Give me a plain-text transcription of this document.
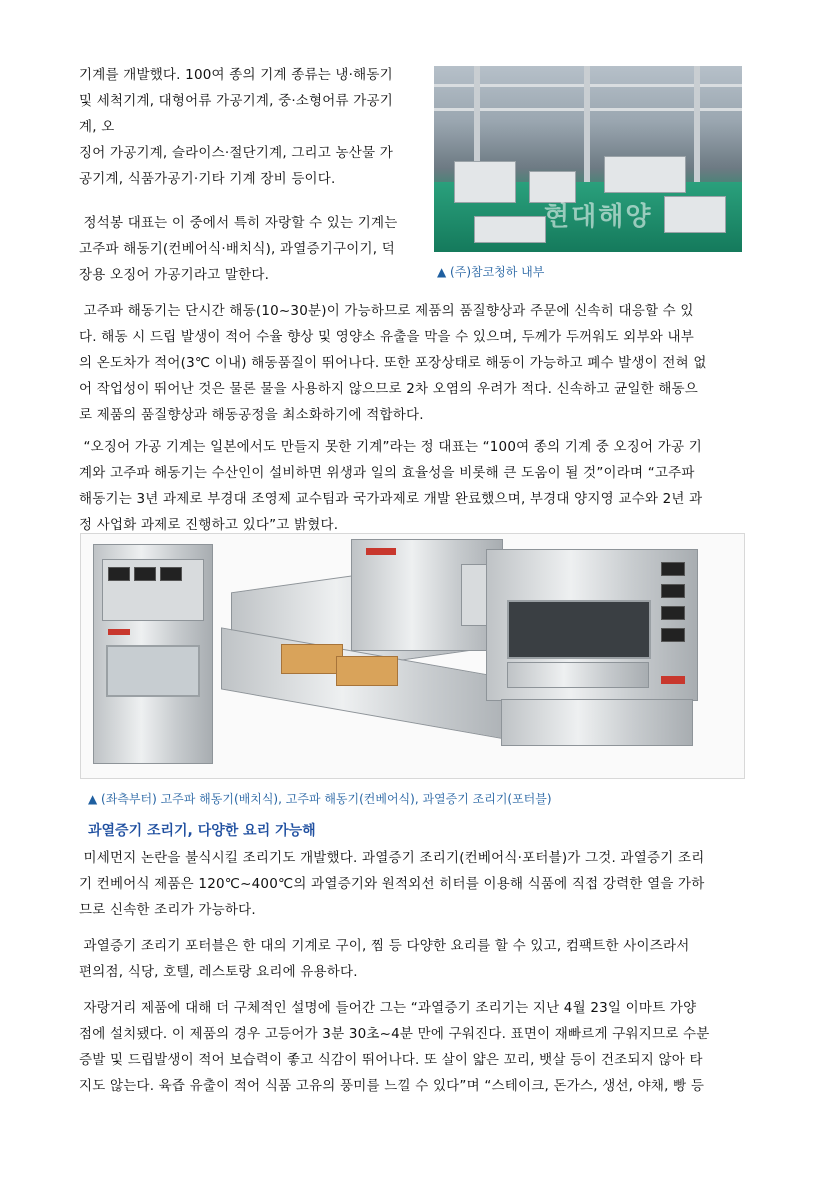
기계를 개발했다. 100여 종의 기계 종류는 냉·해동기

및 세척기계, 대형어류 가공기계, 중·소형어류 가공기

계, 오

징어 가공기계, 슬라이스·절단기계, 그리고 농산물 가

공기계, 식품가공기·기타 기계 장비 등이다.

정석봉 대표는 이 중에서 특히 자랑할 수 있는 기계는

고주파 해동기(컨베어식·배치식), 과열증기구이기, 덕

장용 오징어 가공기라고 말한다.

현대해양
▲ (주)참코청하 내부

고주파 해동기는 단시간 해동(10~30분)이 가능하므로 제품의 품질향상과 주문에 신속히 대응할 수 있

다. 해동 시 드립 발생이 적어 수율 향상 및 영양소 유출을 막을 수 있으며, 두께가 두꺼워도 외부와 내부

의 온도차가 적어(3℃ 이내) 해동품질이 뛰어나다. 또한 포장상태로 해동이 가능하고 폐수 발생이 전혀 없

어 작업성이 뛰어난 것은 물론 물을 사용하지 않으므로 2차 오염의 우려가 적다. 신속하고 균일한 해동으

로 제품의 품질향상과 해동공정을 최소화하기에 적합하다.

“오징어 가공 기계는 일본에서도 만들지 못한 기계”라는 정 대표는 “100여 종의 기계 중 오징어 가공 기

계와 고주파 해동기는 수산인이 설비하면 위생과 일의 효율성을 비롯해 큰 도움이 될 것”이라며 “고주파

해동기는 3년 과제로 부경대 조영제 교수팀과 국가과제로 개발 완료했으며, 부경대 양지영 교수와 2년 과

정 사업화 과제로 진행하고 있다”고 밝혔다.

▲ (좌측부터) 고주파 해동기(배치식), 고주파 해동기(컨베어식), 과열증기 조리기(포터블)
과열증기 조리기, 다양한 요리 가능해

미세먼지 논란을 불식시킬 조리기도 개발했다. 과열증기 조리기(컨베어식·포터블)가 그것. 과열증기 조리

기 컨베어식 제품은 120℃~400℃의 과열증기와 원적외선 히터를 이용해 식품에 직접 강력한 열을 가하

므로 신속한 조리가 가능하다.

과열증기 조리기 포터블은 한 대의 기계로 구이, 찜 등 다양한 요리를 할 수 있고, 컴팩트한 사이즈라서

편의점, 식당, 호텔, 레스토랑 요리에 유용하다.

자랑거리 제품에 대해 더 구체적인 설명에 들어간 그는 “과열증기 조리기는 지난 4월 23일 이마트 가양

점에 설치됐다. 이 제품의 경우 고등어가 3분 30초~4분 만에 구워진다. 표면이 재빠르게 구워지므로 수분

증발 및 드립발생이 적어 보습력이 좋고 식감이 뛰어나다. 또 살이 얇은 꼬리, 뱃살 등이 건조되지 않아 타

지도 않는다. 육즙 유출이 적어 식품 고유의 풍미를 느낄 수 있다”며 “스테이크, 돈가스, 생선, 야채, 빵 등
